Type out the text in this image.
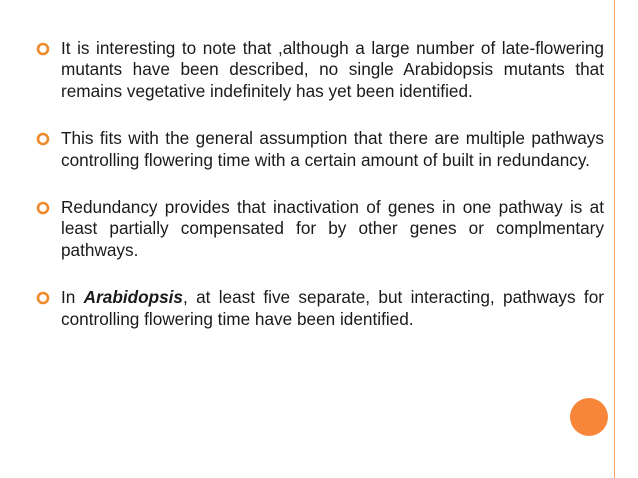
It is interesting to note that ,although a large number of late-flowering mutants have been described, no single Arabidopsis mutants that remains vegetative indefinitely has yet been identified.
This fits with the general assumption that there are multiple pathways controlling flowering time with a certain amount of built in redundancy.
Redundancy provides that inactivation of genes in one pathway is at least partially compensated for by other genes or complmentary pathways.
In Arabidopsis, at least five separate, but interacting, pathways for controlling flowering time have been identified.
